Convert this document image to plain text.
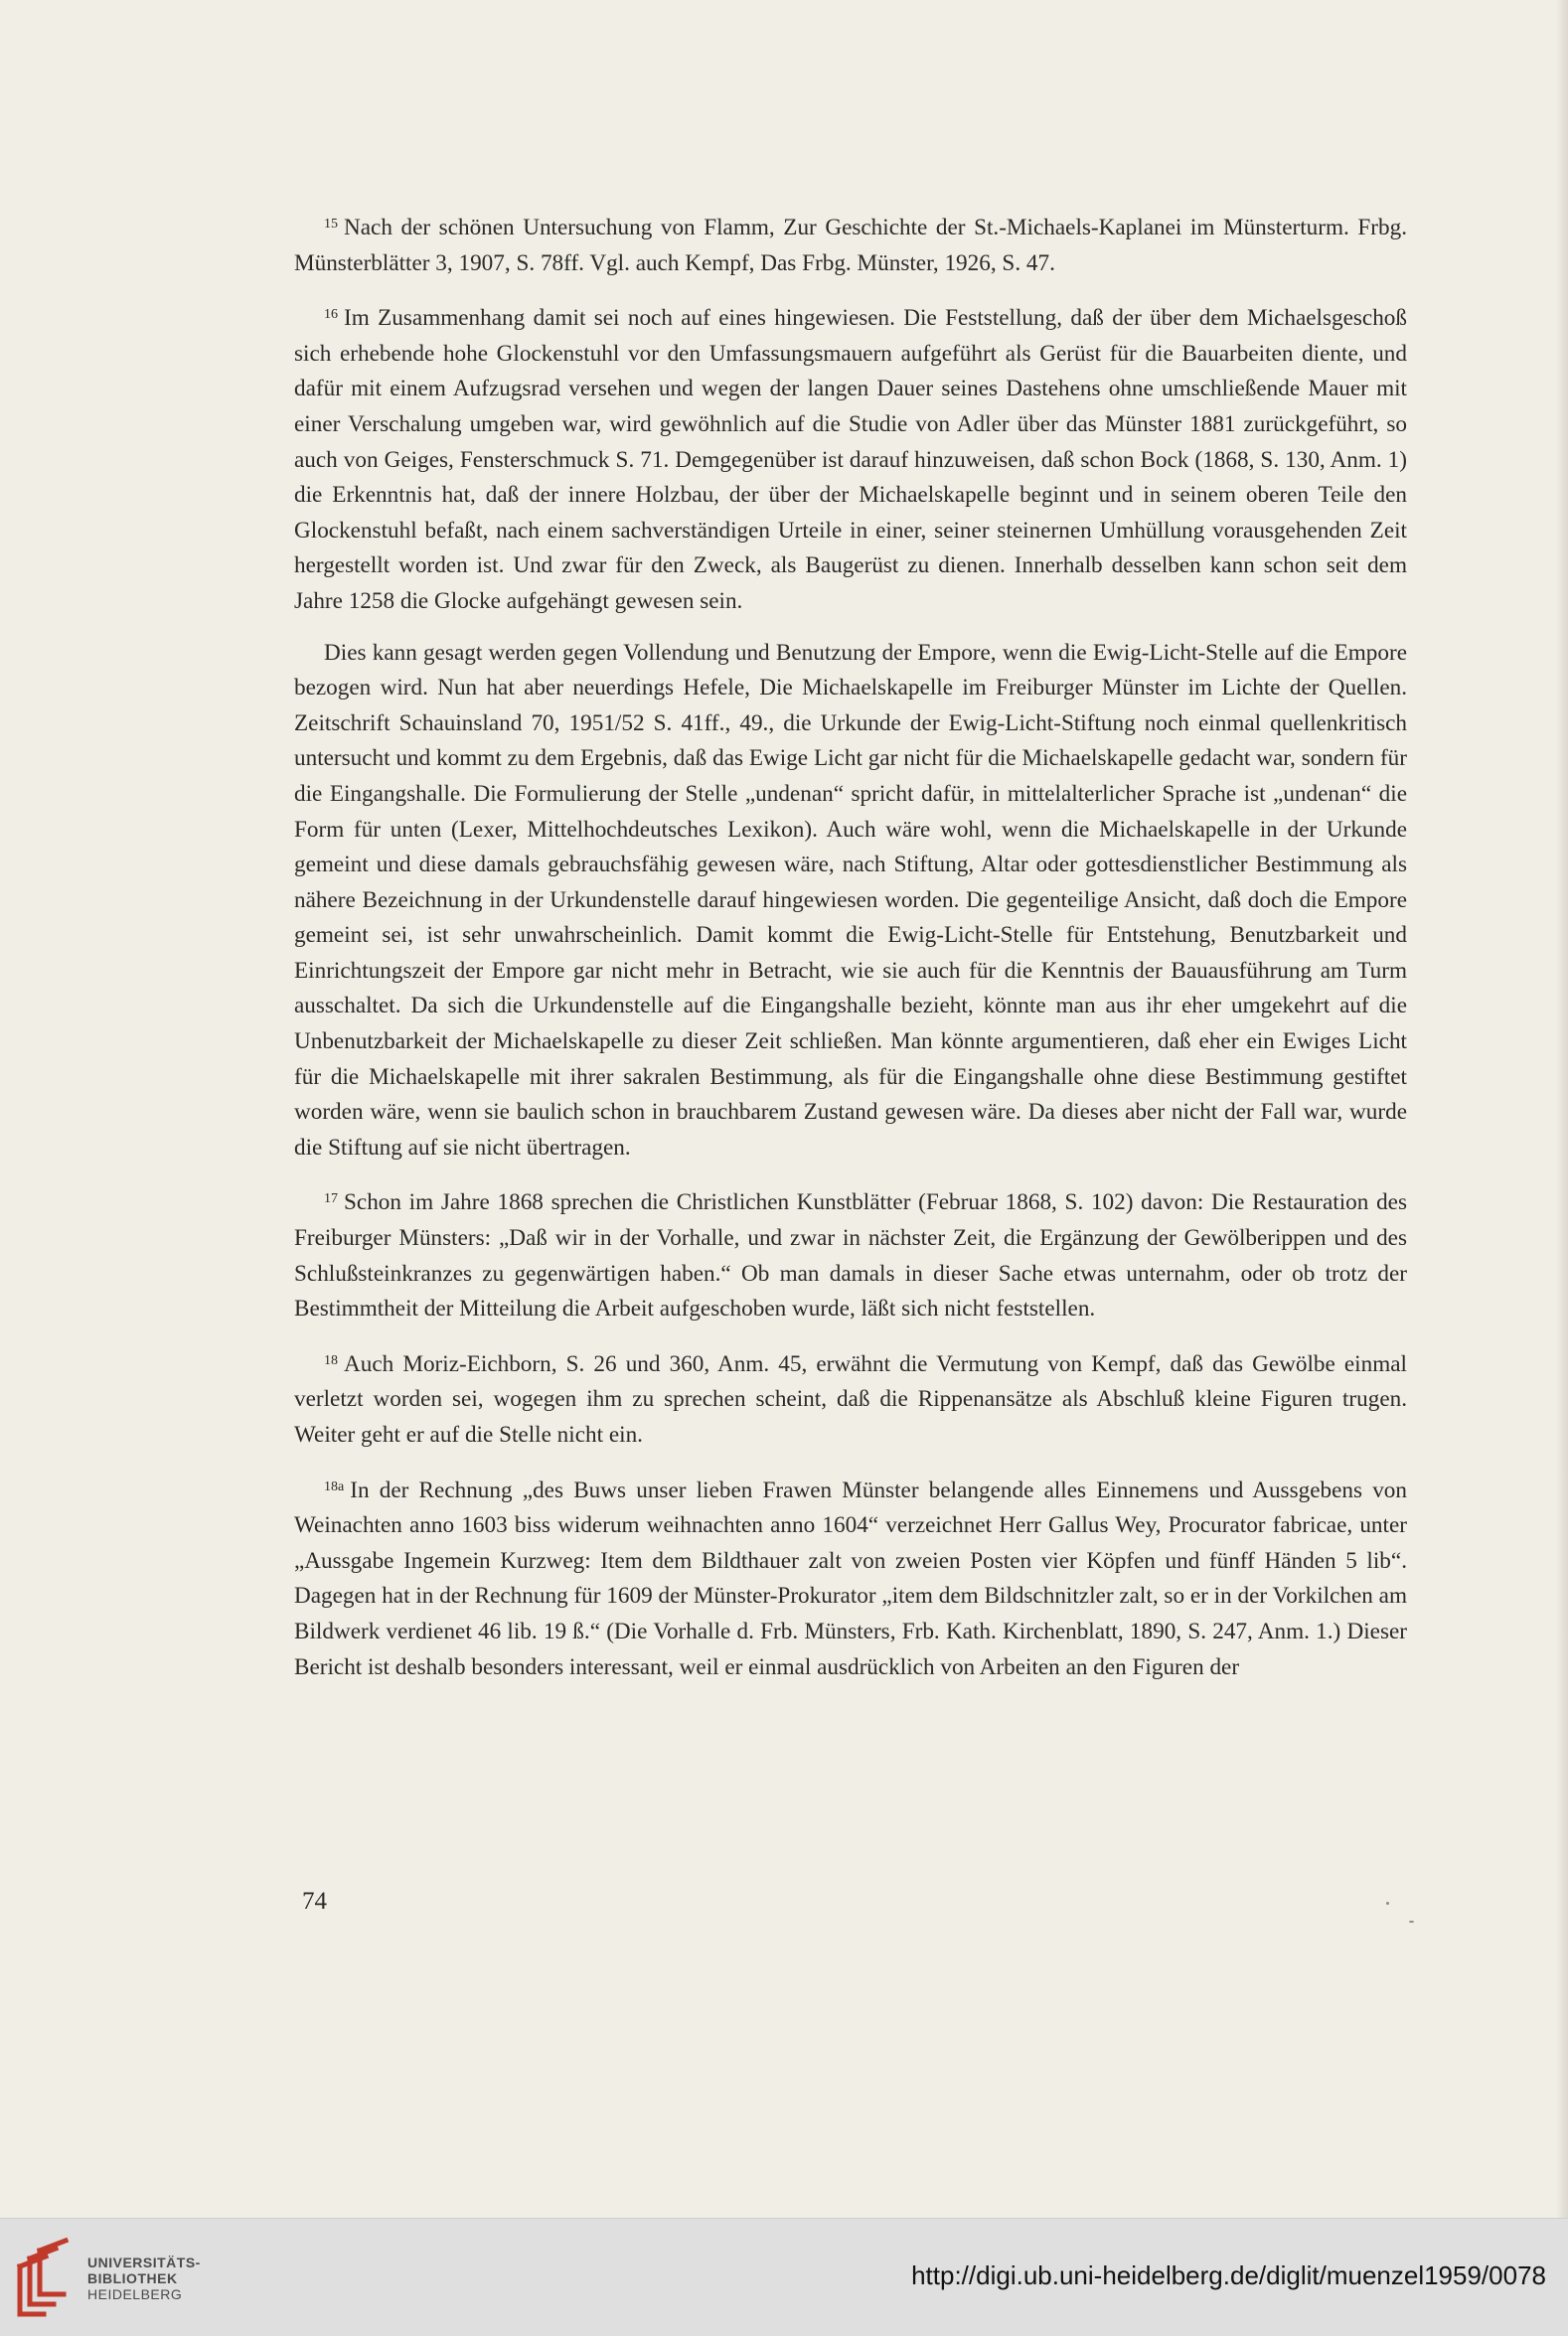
$^{15}$ Nach der schönen Untersuchung von Flamm, Zur Geschichte der St.-Michaels-Kaplanei im Münsterturm. Frbg. Münsterblätter 3, 1907, S. 78ff. Vgl. auch Kempf, Das Frbg. Münster, 1926, S. 47.

$^{16}$ Im Zusammenhang damit sei noch auf eines hingewiesen. Die Feststellung, daß der über dem Michaelsgeschoß sich erhebende hohe Glockenstuhl vor den Umfassungsmauern aufgeführt als Gerüst für die Bauarbeiten diente, und dafür mit einem Aufzugsrad versehen und wegen der langen Dauer seines Dastehens ohne umschließende Mauer mit einer Verschalung umgeben war, wird gewöhnlich auf die Studie von Adler über das Münster 1881 zurückgeführt, so auch von Geiges, Fensterschmuck S. 71. Demgegenüber ist darauf hinzuweisen, daß schon Bock (1868, S. 130, Anm. 1) die Erkenntnis hat, daß der innere Holzbau, der über der Michaelskapelle beginnt und in seinem oberen Teile den Glockenstuhl befaßt, nach einem sachverständigen Urteile in einer, seiner steinernen Umhüllung vorausgehenden Zeit hergestellt worden ist. Und zwar für den Zweck, als Baugerüst zu dienen. Innerhalb desselben kann schon seit dem Jahre 1258 die Glocke aufgehängt gewesen sein.

Dies kann gesagt werden gegen Vollendung und Benutzung der Empore, wenn die Ewig-Licht-Stelle auf die Empore bezogen wird. Nun hat aber neuerdings Hefele, Die Michaelskapelle im Freiburger Münster im Lichte der Quellen. Zeitschrift Schauinsland 70, 1951/52 S. 41ff., 49., die Urkunde der Ewig-Licht-Stiftung noch einmal quellenkritisch untersucht und kommt zu dem Ergebnis, daß das Ewige Licht gar nicht für die Michaelskapelle gedacht war, sondern für die Eingangshalle. Die Formulierung der Stelle „undenan“ spricht dafür, in mittelalterlicher Sprache ist „undenan“ die Form für unten (Lexer, Mittelhochdeutsches Lexikon). Auch wäre wohl, wenn die Michaelskapelle in der Urkunde gemeint und diese damals gebrauchsfähig gewesen wäre, nach Stiftung, Altar oder gottesdienstlicher Bestimmung als nähere Bezeichnung in der Urkundenstelle darauf hingewiesen worden. Die gegenteilige Ansicht, daß doch die Empore gemeint sei, ist sehr unwahrscheinlich. Damit kommt die Ewig-Licht-Stelle für Entstehung, Benutzbarkeit und Einrichtungszeit der Empore gar nicht mehr in Betracht, wie sie auch für die Kenntnis der Bauausführung am Turm ausschaltet. Da sich die Urkundenstelle auf die Eingangshalle bezieht, könnte man aus ihr eher umgekehrt auf die Unbenutzbarkeit der Michaelskapelle zu dieser Zeit schließen. Man könnte argumentieren, daß eher ein Ewiges Licht für die Michaelskapelle mit ihrer sakralen Bestimmung, als für die Eingangshalle ohne diese Bestimmung gestiftet worden wäre, wenn sie baulich schon in brauchbarem Zustand gewesen wäre. Da dieses aber nicht der Fall war, wurde die Stiftung auf sie nicht übertragen.

$^{17}$ Schon im Jahre 1868 sprechen die Christlichen Kunstblätter (Februar 1868, S. 102) davon: Die Restauration des Freiburger Münsters: „Daß wir in der Vorhalle, und zwar in nächster Zeit, die Ergänzung der Gewölberippen und des Schlußsteinkranzes zu gegenwärtigen haben.“ Ob man damals in dieser Sache etwas unternahm, oder ob trotz der Bestimmtheit der Mitteilung die Arbeit aufgeschoben wurde, läßt sich nicht feststellen.

$^{18}$ Auch Moriz-Eichborn, S. 26 und 360, Anm. 45, erwähnt die Vermutung von Kempf, daß das Gewölbe einmal verletzt worden sei, wogegen ihm zu sprechen scheint, daß die Rippenansätze als Abschluß kleine Figuren trugen. Weiter geht er auf die Stelle nicht ein.

$^{18a}$ In der Rechnung „des Buws unser lieben Frawen Münster belangende alles Einnemens und Aussgebens von Weinachten anno 1603 biss widerum weihnachten anno 1604“ verzeichnet Herr Gallus Wey, Procurator fabricae, unter „Aussgabe Ingemein Kurzweg: Item dem Bildthauer zalt von zweien Posten vier Köpfen und fünff Händen 5 lib“. Dagegen hat in der Rechnung für 1609 der Münster-Prokurator „item dem Bildschnitzler zalt, so er in der Vorkilchen am Bildwerk verdienet 46 lib. 19 ß.“ (Die Vorhalle d. Frb. Münsters, Frb. Kath. Kirchenblatt, 1890, S. 247, Anm. 1.) Dieser Bericht ist deshalb besonders interessant, weil er einmal ausdrücklich von Arbeiten an den Figuren der

74
UNIVERSITÄTS-
BIBLIOTHEK
HEIDELBERG
http://digi.ub.uni-heidelberg.de/diglit/muenzel1959/0078
